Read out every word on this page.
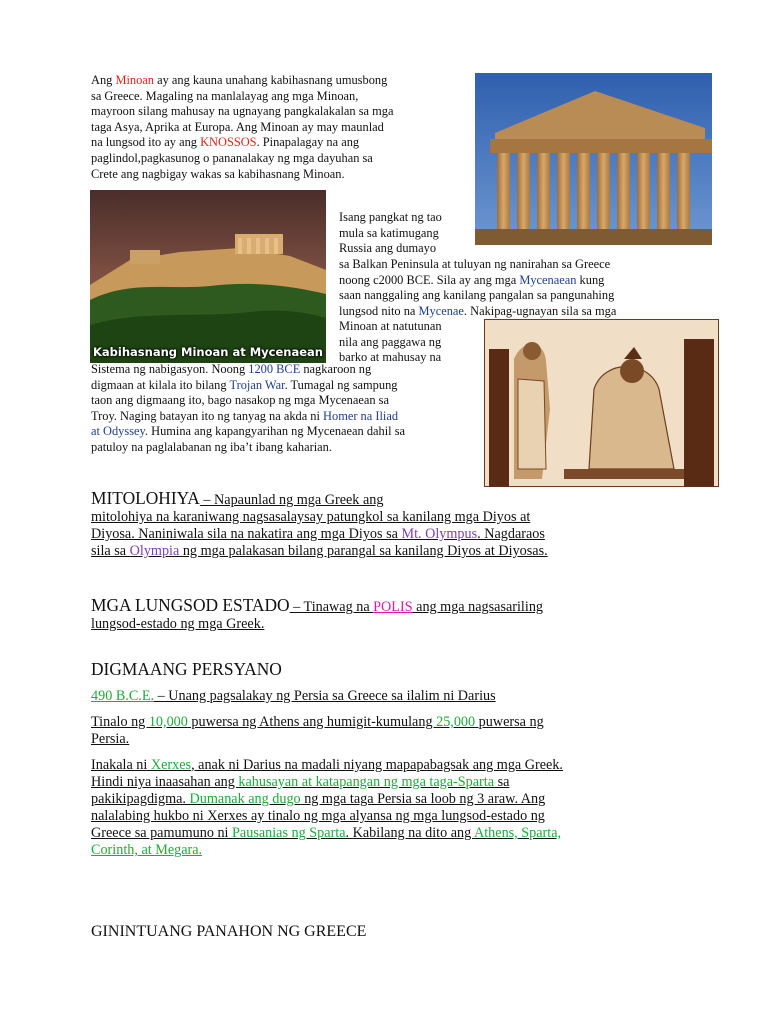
Ang Minoan ay ang kauna unahang kabihasnang umusbong
sa Greece. Magaling na manlalayag ang mga Minoan,
mayroon silang mahusay na ugnayang pangkalakalan sa mga
taga Asya, Aprika at Europa. Ang Minoan ay may maunlad
na lungsod ito ay ang KNOSSOS. Pinapalagay na ang
paglindol,pagkasunog o pananalakay ng mga dayuhan sa
Crete ang nagbigay wakas sa kabihasnang Minoan.
Kabihasnang Minoan at Mycenaean
Isang pangkat ng tao
mula sa katimugang
Russia ang dumayo
sa Balkan Peninsula at tuluyan ng nanirahan sa Greece
noong c2000 BCE. Sila ay ang mga Mycenaean kung
saan nanggaling ang kanilang pangalan sa pangunahing
lungsod nito na Mycenae. Nakipag-ugnayan sila sa mga
Minoan at natutunan
nila ang paggawa ng
barko at mahusay na
Sistema ng nabigasyon. Noong 1200 BCE nagkaroon ng
digmaan at kilala ito bilang Trojan War. Tumagal ng sampung
taon ang digmaang ito, bago nasakop ng mga Mycenaean sa
Troy. Naging batayan ito ng tanyag na akda ni Homer na Iliad
at Odyssey. Humina ang kapangyarihan ng Mycenaean dahil sa
patuloy na paglalabanan ng iba’t ibang kaharian.
MITOLOHIYA – Napaunlad ng mga Greek ang
mitolohiya na karaniwang nagsasalaysay patungkol sa kanilang mga Diyos at
Diyosa. Naniniwala sila na nakatira ang mga Diyos sa Mt. Olympus. Nagdaraos
sila sa Olympia ng mga palakasan bilang parangal sa kanilang Diyos at Diyosas.
MGA LUNGSOD ESTADO – Tinawag na POLIS ang mga nagsasariling
lungsod-estado ng mga Greek.
DIGMAANG PERSYANO
490 B.C.E. – Unang pagsalakay ng Persia sa Greece sa ilalim ni Darius
Tinalo ng 10,000 puwersa ng Athens ang humigit-kumulang 25,000 puwersa ng
Persia.
Inakala ni Xerxes, anak ni Darius na madali niyang mapapabagsak ang mga Greek.
Hindi niya inaasahan ang kahusayan at katapangan ng mga taga-Sparta sa
pakikipagdigma. Dumanak ang dugo ng mga taga Persia sa loob ng 3 araw. Ang
nalalabing hukbo ni Xerxes ay tinalo ng mga alyansa ng mga lungsod-estado ng
Greece sa pamumuno ni Pausanias ng Sparta. Kabilang na dito ang Athens, Sparta,
Corinth, at Megara.
GININTUANG PANAHON NG GREECE
